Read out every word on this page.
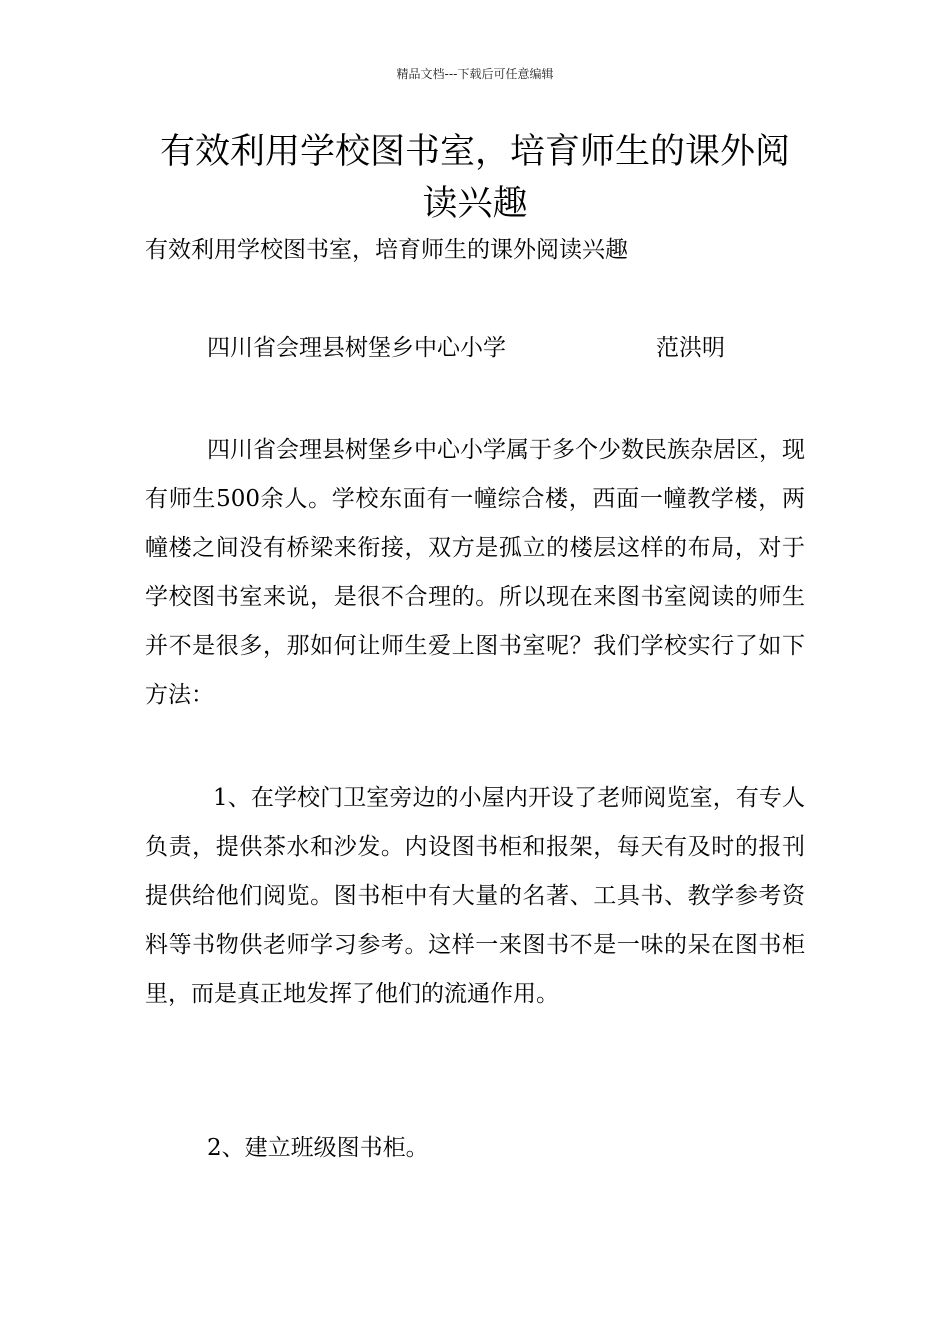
精品文档---下载后可任意编辑
有效利用学校图书室，培育师生的课外阅读兴趣

有效利用学校图书室，培育师生的课外阅读兴趣

四川省会理县树堡乡中心小学	范洪明

四川省会理县树堡乡中心小学属于多个少数民族杂居区，现有师生500余人。学校东面有一幢综合楼，西面一幢教学楼，两幢楼之间没有桥梁来衔接，双方是孤立的楼层这样的布局，对于学校图书室来说，是很不合理的。所以现在来图书室阅读的师生并不是很多，那如何让师生爱上图书室呢？我们学校实行了如下方法：

1、在学校门卫室旁边的小屋内开设了老师阅览室，有专人负责，提供茶水和沙发。内设图书柜和报架，每天有及时的报刊提供给他们阅览。图书柜中有大量的名著、工具书、教学参考资料等书物供老师学习参考。这样一来图书不是一味的呆在图书柜里，而是真正地发挥了他们的流通作用。

2、建立班级图书柜。
